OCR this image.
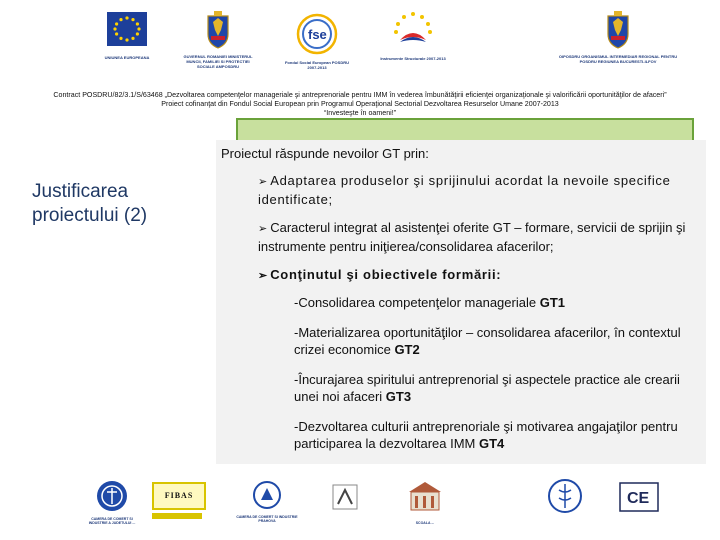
UNIUNEA EUROPEANA	GUVERNUL ROMANIEI MINISTERUL MUNCII, FAMILIEI SI PROTECTIEI SOCIALE AMPOSDRU
fse
Fondul Social European POSDRU 2007-2013
Instrumente Structurale 2007-2013	OIPOSDRU ORGANISMUL INTERMEDIAR REGIONAL PENTRU POSDRU REGIUNEA BUCURESTI-ILFOV
Contract POSDRU/82/3.1/S/63468 „Dezvoltarea competenţelor manageriale şi antreprenoriale pentru IMM în vederea îmbunătăţirii eficienţei organizaţionale şi valorificării oportunităţilor de afaceri”
Proiect cofinanţat din Fondul Social European prin Programul Operaţional Sectorial Dezvoltarea Resurselor Umane 2007-2013
“Investeşte în oameni!”
Proiectul răspunde nevoilor GT prin:
Justificarea proiectului (2)
➢ Adaptarea produselor şi sprijinului acordat la nevoile specifice identificate;
➢ Caracterul integrat al asistenţei oferite GT – formare, servicii de sprijin şi instrumente pentru iniţierea/consolidarea afacerilor;
➢ Conţinutul şi obiectivele formării:
-Consolidarea competenţelor manageriale GT1
-Materializarea oportunităţilor – consolidarea afacerilor, în contextul crizei economice GT2
-Încurajarea spiritului antreprenorial şi aspectele practice ale crearii unei noi afaceri GT3
-Dezvoltarea culturii antreprenoriale şi motivarea angajaţilor pentru participarea la dezvoltarea IMM GT4
CAMERA DE COMERT SI INDUSTRIE A JUDETULUI ...
FIBAS
CAMERA DE COMERT SI INDUSTRIE PRAHOVA	SCOALA ...
CE
